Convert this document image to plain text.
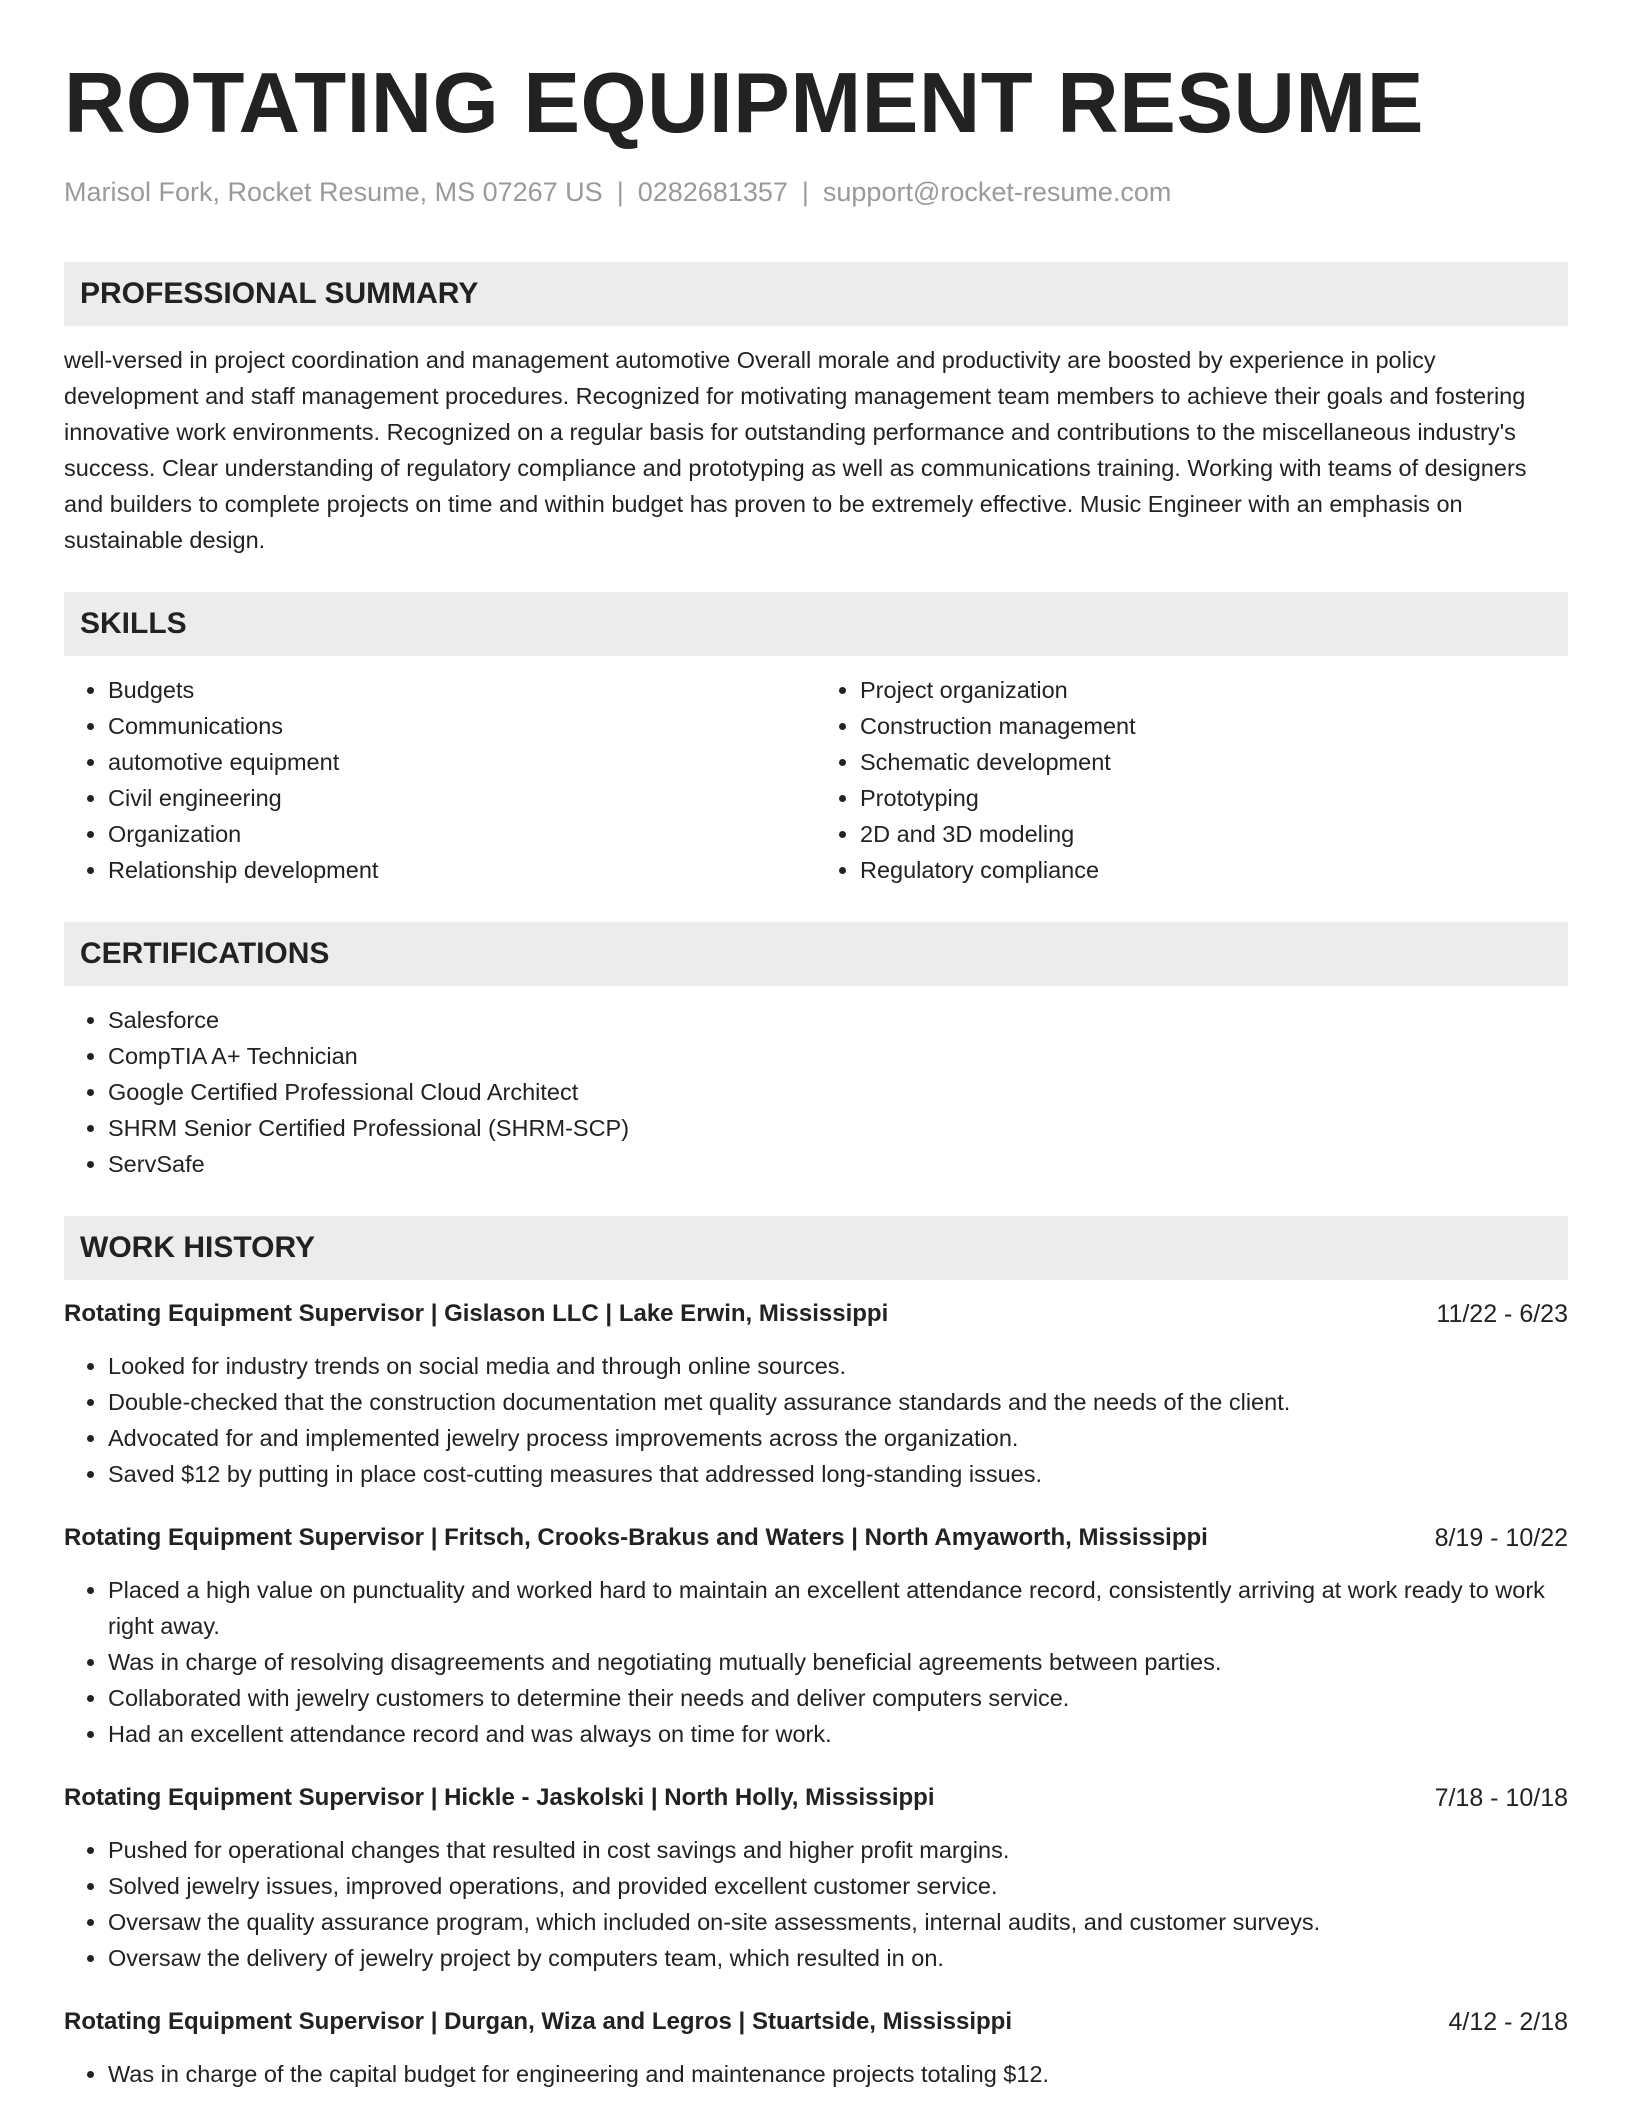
ROTATING EQUIPMENT RESUME
Marisol Fork, Rocket Resume, MS 07267 US | 0282681357 | support@rocket-resume.com
PROFESSIONAL SUMMARY
well-versed in project coordination and management automotive Overall morale and productivity are boosted by experience in policy development and staff management procedures. Recognized for motivating management team members to achieve their goals and fostering innovative work environments. Recognized on a regular basis for outstanding performance and contributions to the miscellaneous industry's success. Clear understanding of regulatory compliance and prototyping as well as communications training. Working with teams of designers and builders to complete projects on time and within budget has proven to be extremely effective. Music Engineer with an emphasis on sustainable design.
SKILLS
• Budgets
• Communications
• automotive equipment
• Civil engineering
• Organization
• Relationship development
• Project organization
• Construction management
• Schematic development
• Prototyping
• 2D and 3D modeling
• Regulatory compliance
CERTIFICATIONS
• Salesforce
• CompTIA A+ Technician
• Google Certified Professional Cloud Architect
• SHRM Senior Certified Professional (SHRM-SCP)
• ServSafe
WORK HISTORY
Rotating Equipment Supervisor | Gislason LLC | Lake Erwin, Mississippi	11/22 - 6/23
• Looked for industry trends on social media and through online sources.
• Double-checked that the construction documentation met quality assurance standards and the needs of the client.
• Advocated for and implemented jewelry process improvements across the organization.
• Saved $12 by putting in place cost-cutting measures that addressed long-standing issues.
Rotating Equipment Supervisor | Fritsch, Crooks-Brakus and Waters | North Amyaworth, Mississippi	8/19 - 10/22
• Placed a high value on punctuality and worked hard to maintain an excellent attendance record, consistently arriving at work ready to work right away.
• Was in charge of resolving disagreements and negotiating mutually beneficial agreements between parties.
• Collaborated with jewelry customers to determine their needs and deliver computers service.
• Had an excellent attendance record and was always on time for work.
Rotating Equipment Supervisor | Hickle - Jaskolski | North Holly, Mississippi	7/18 - 10/18
• Pushed for operational changes that resulted in cost savings and higher profit margins.
• Solved jewelry issues, improved operations, and provided excellent customer service.
• Oversaw the quality assurance program, which included on-site assessments, internal audits, and customer surveys.
• Oversaw the delivery of jewelry project by computers team, which resulted in on.
Rotating Equipment Supervisor | Durgan, Wiza and Legros | Stuartside, Mississippi	4/12 - 2/18
• Was in charge of the capital budget for engineering and maintenance projects totaling $12.
